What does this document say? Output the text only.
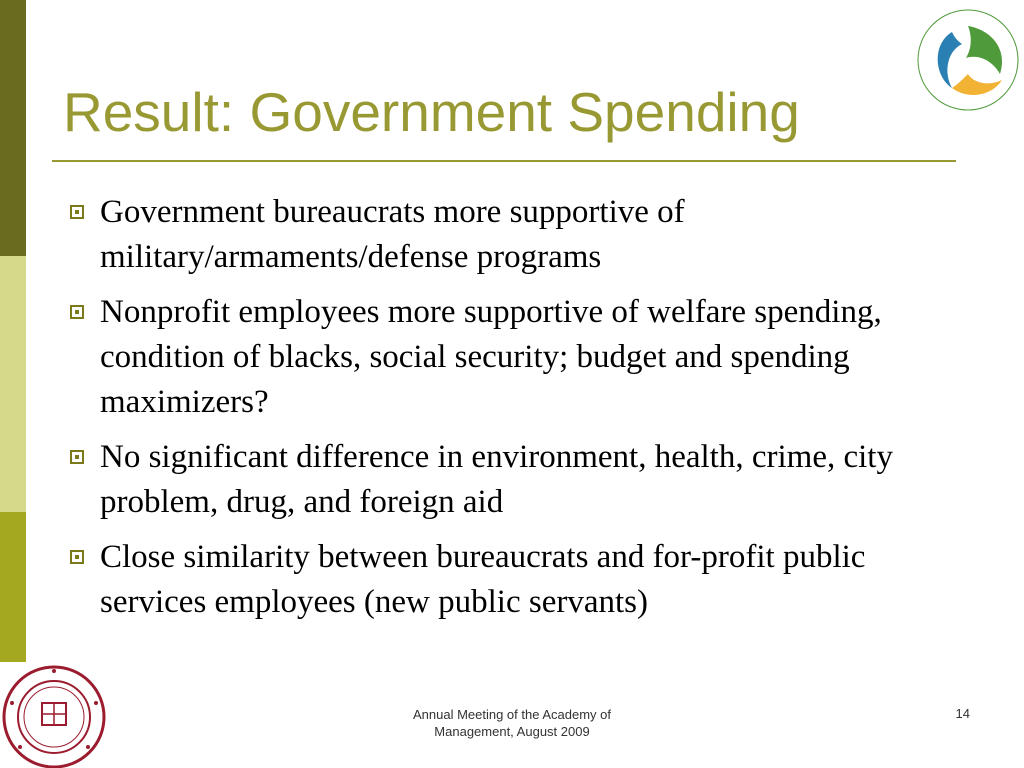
Result: Government Spending
Government bureaucrats more supportive of military/armaments/defense programs
Nonprofit employees more supportive of welfare spending, condition of blacks, social security; budget and spending maximizers?
No significant difference in environment, health, crime, city problem, drug, and foreign aid
Close similarity between bureaucrats and for-profit public services employees (new public servants)
Annual Meeting of the Academy of
Management, August 2009
14
